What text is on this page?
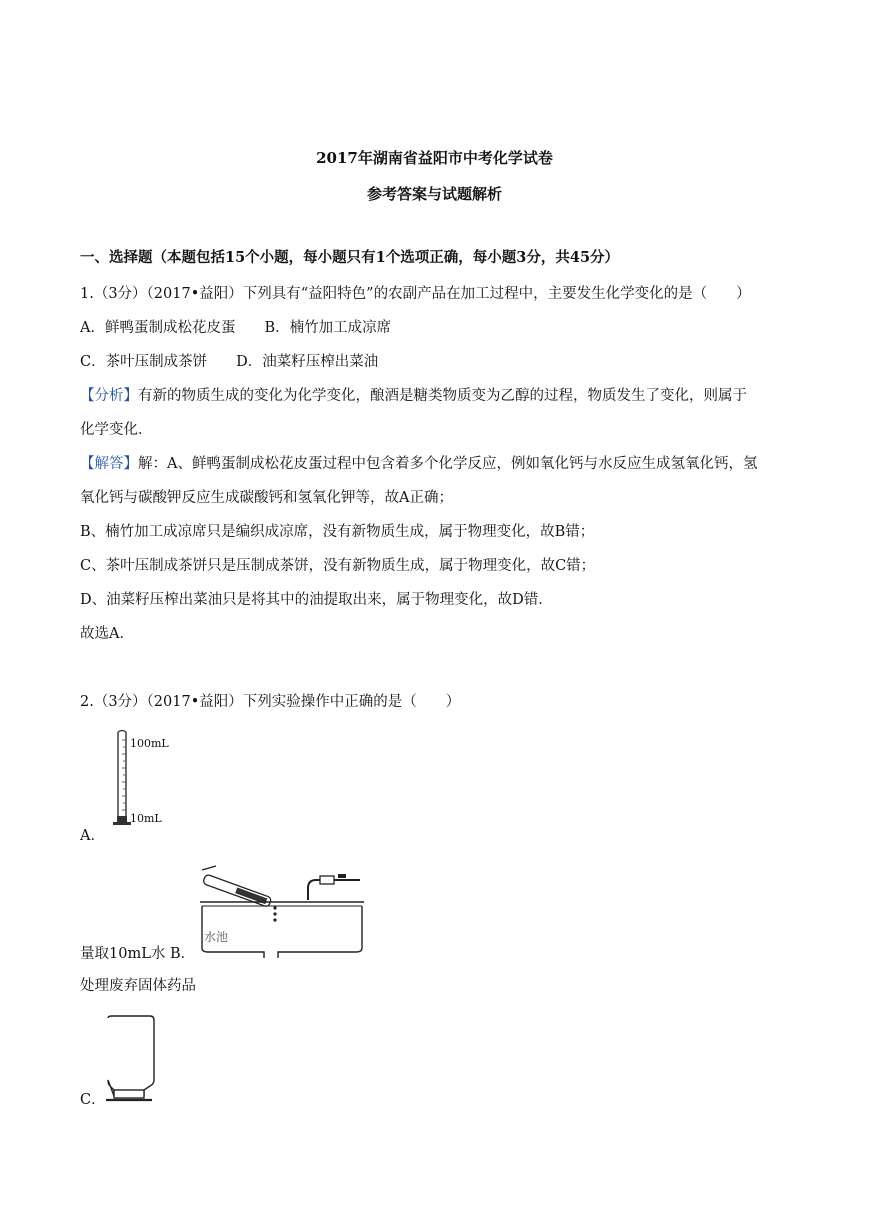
2017年湖南省益阳市中考化学试卷
参考答案与试题解析
一、选择题（本题包括15个小题，每小题只有1个选项正确，每小题3分，共45分）
1.（3分）（2017•益阳）下列具有“益阳特色”的农副产品在加工过程中，主要发生化学变化的是（　　）
A．鲜鸭蛋制成松花皮蛋　　B．楠竹加工成凉席
C．茶叶压制成茶饼　　D．油菜籽压榨出菜油
【分析】有新的物质生成的变化为化学变化，酿酒是糖类物质变为乙醇的过程，物质发生了变化，则属于
化学变化．
【解答】解：A、鲜鸭蛋制成松花皮蛋过程中包含着多个化学反应，例如氧化钙与水反应生成氢氧化钙，氢
氧化钙与碳酸钾反应生成碳酸钙和氢氧化钾等，故A正确；
B、楠竹加工成凉席只是编织成凉席，没有新物质生成，属于物理变化，故B错；
C、茶叶压制成茶饼只是压制成茶饼，没有新物质生成，属于物理变化，故C错；
D、油菜籽压榨出菜油只是将其中的油提取出来，属于物理变化，故D错．
故选A．
2.（3分）（2017•益阳）下列实验操作中正确的是（　　）
100mL
10mL
A．
水池
量取10mL水 B．
处理废弃固体药品
C．
